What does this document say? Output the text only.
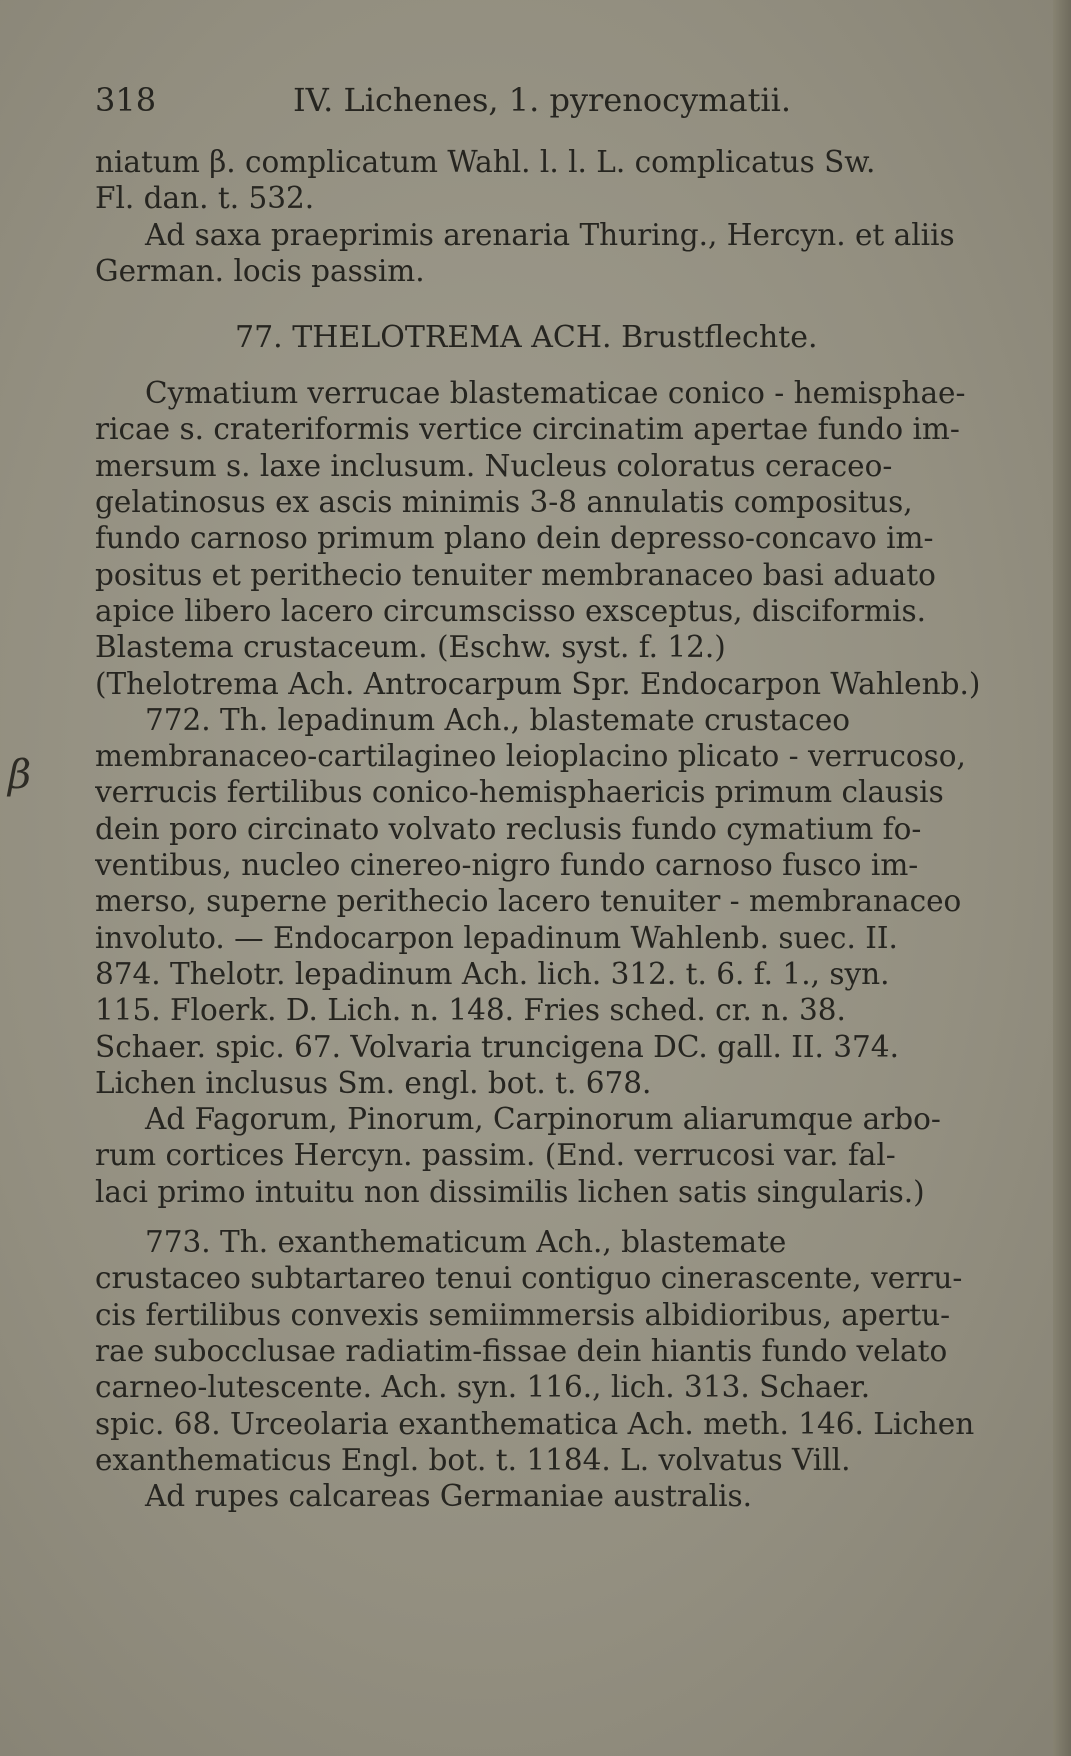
β
318	IV. Lichenes, 1. pyrenocymatii.
niatum β. complicatum Wahl. l. l. L. complicatus Sw.
Fl. dan. t. 532.
Ad saxa praeprimis arenaria Thuring., Hercyn. et aliis
German. locis passim.
77. THELOTREMA ACH. Brustflechte.
Cymatium verrucae blastematicae conico - hemisphae-
ricae s. crateriformis vertice circinatim apertae fundo im-
mersum s. laxe inclusum. Nucleus coloratus ceraceo-
gelatinosus ex ascis minimis 3-8 annulatis compositus,
fundo carnoso primum plano dein depresso-concavo im-
positus et perithecio tenuiter membranaceo basi aduato
apice libero lacero circumscisso exsceptus, disciformis.
Blastema crustaceum. (Eschw. syst. f. 12.)
(Thelotrema Ach. Antrocarpum Spr. Endocarpon Wahlenb.)
772. Th. lepadinum Ach., blastemate crustaceo
membranaceo-cartilagineo leioplacino plicato - verrucoso,
verrucis fertilibus conico-hemisphaericis primum clausis
dein poro circinato volvato reclusis fundo cymatium fo-
ventibus, nucleo cinereo-nigro fundo carnoso fusco im-
merso, superne perithecio lacero tenuiter - membranaceo
involuto. — Endocarpon lepadinum Wahlenb. suec. II.
874. Thelotr. lepadinum Ach. lich. 312. t. 6. f. 1., syn.
115. Floerk. D. Lich. n. 148. Fries sched. cr. n. 38.
Schaer. spic. 67. Volvaria truncigena DC. gall. II. 374.
Lichen inclusus Sm. engl. bot. t. 678.
Ad Fagorum, Pinorum, Carpinorum aliarumque arbo-
rum cortices Hercyn. passim. (End. verrucosi var. fal-
laci primo intuitu non dissimilis lichen satis singularis.)
773. Th. exanthematicum Ach., blastemate
crustaceo subtartareo tenui contiguo cinerascente, verru-
cis fertilibus convexis semiimmersis albidioribus, apertu-
rae subocclusae radiatim-fissae dein hiantis fundo velato
carneo-lutescente. Ach. syn. 116., lich. 313. Schaer.
spic. 68. Urceolaria exanthematica Ach. meth. 146. Lichen
exanthematicus Engl. bot. t. 1184. L. volvatus Vill.
Ad rupes calcareas Germaniae australis.
